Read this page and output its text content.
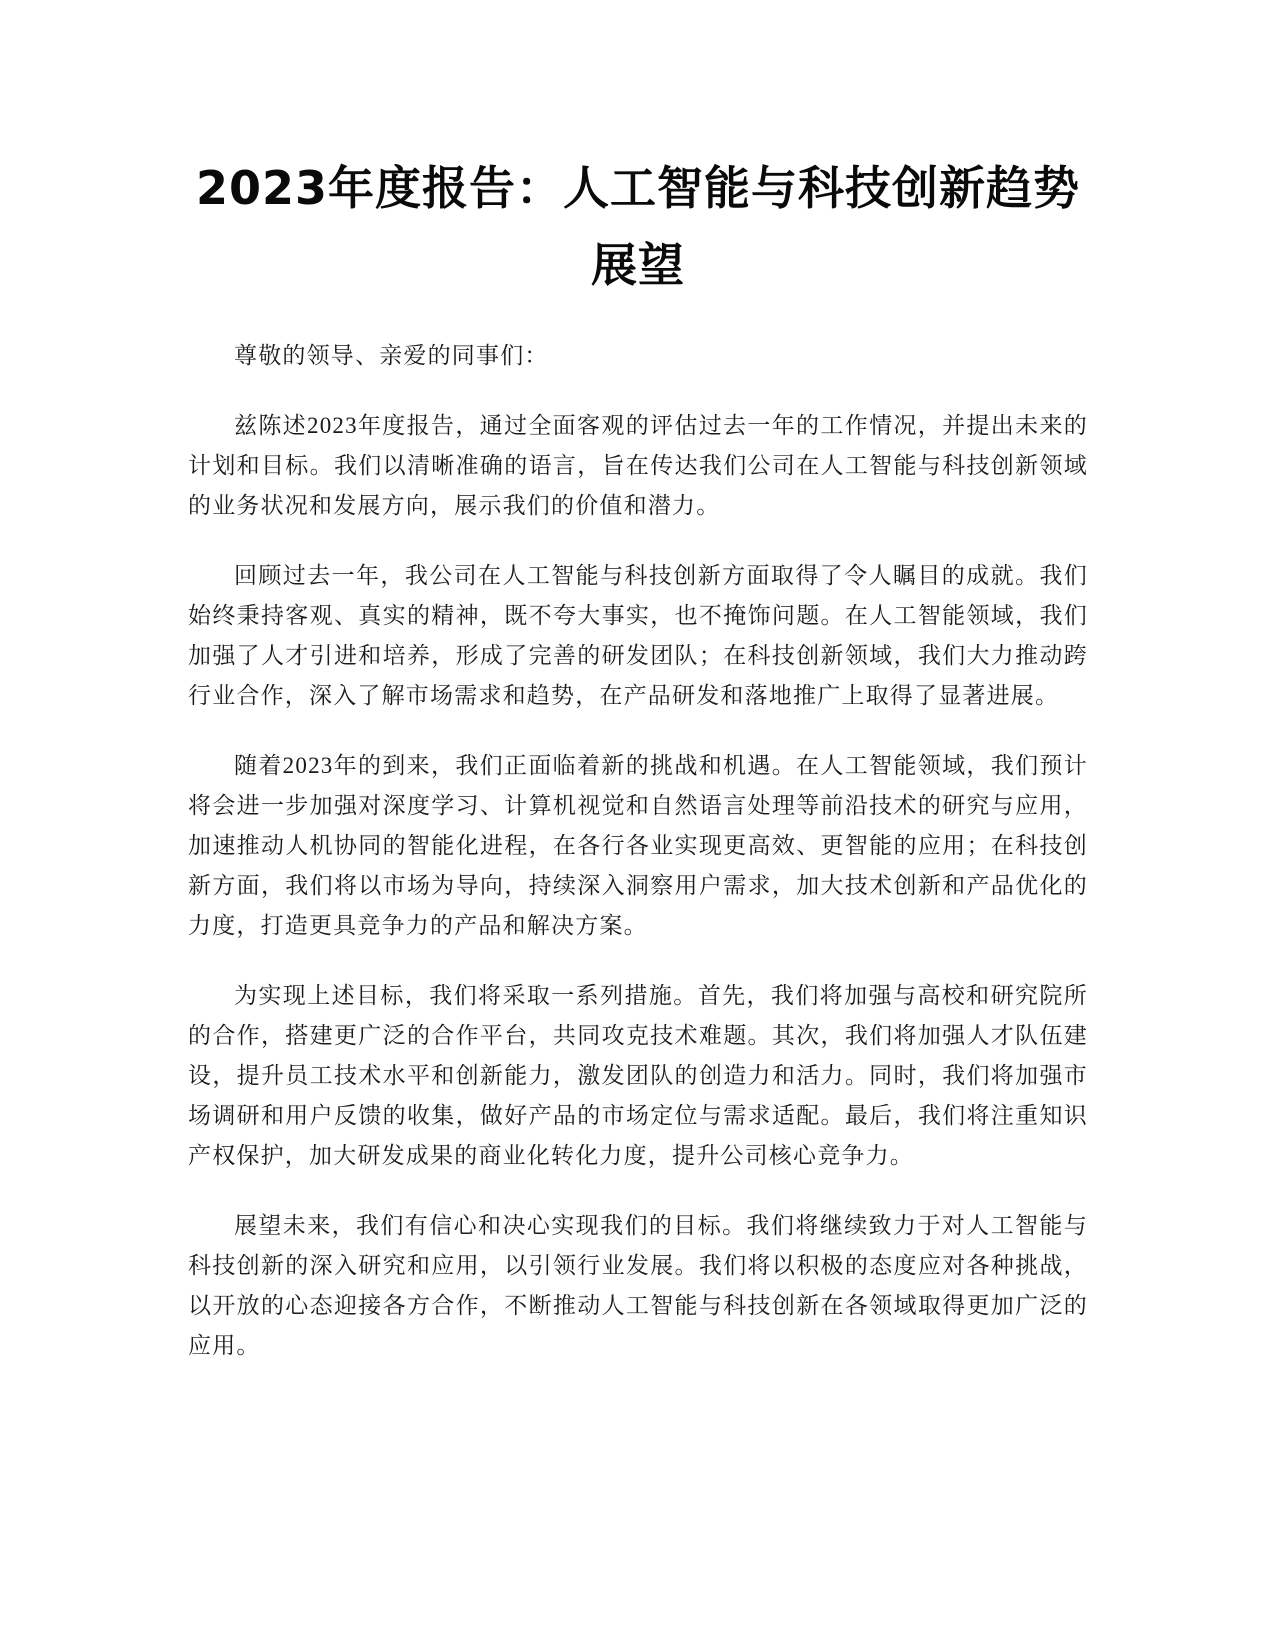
2023年度报告：人工智能与科技创新趋势展望

尊敬的领导、亲爱的同事们：

兹陈述2023年度报告，通过全面客观的评估过去一年的工作情况，并提出未来的计划和目标。我们以清晰准确的语言，旨在传达我们公司在人工智能与科技创新领域的业务状况和发展方向，展示我们的价值和潜力。

回顾过去一年，我公司在人工智能与科技创新方面取得了令人瞩目的成就。我们始终秉持客观、真实的精神，既不夸大事实，也不掩饰问题。在人工智能领域，我们加强了人才引进和培养，形成了完善的研发团队；在科技创新领域，我们大力推动跨行业合作，深入了解市场需求和趋势，在产品研发和落地推广上取得了显著进展。

随着2023年的到来，我们正面临着新的挑战和机遇。在人工智能领域，我们预计将会进一步加强对深度学习、计算机视觉和自然语言处理等前沿技术的研究与应用，加速推动人机协同的智能化进程，在各行各业实现更高效、更智能的应用；在科技创新方面，我们将以市场为导向，持续深入洞察用户需求，加大技术创新和产品优化的力度，打造更具竞争力的产品和解决方案。

为实现上述目标，我们将采取一系列措施。首先，我们将加强与高校和研究院所的合作，搭建更广泛的合作平台，共同攻克技术难题。其次，我们将加强人才队伍建设，提升员工技术水平和创新能力，激发团队的创造力和活力。同时，我们将加强市场调研和用户反馈的收集，做好产品的市场定位与需求适配。最后，我们将注重知识产权保护，加大研发成果的商业化转化力度，提升公司核心竞争力。

展望未来，我们有信心和决心实现我们的目标。我们将继续致力于对人工智能与科技创新的深入研究和应用，以引领行业发展。我们将以积极的态度应对各种挑战，以开放的心态迎接各方合作，不断推动人工智能与科技创新在各领域取得更加广泛的应用。
